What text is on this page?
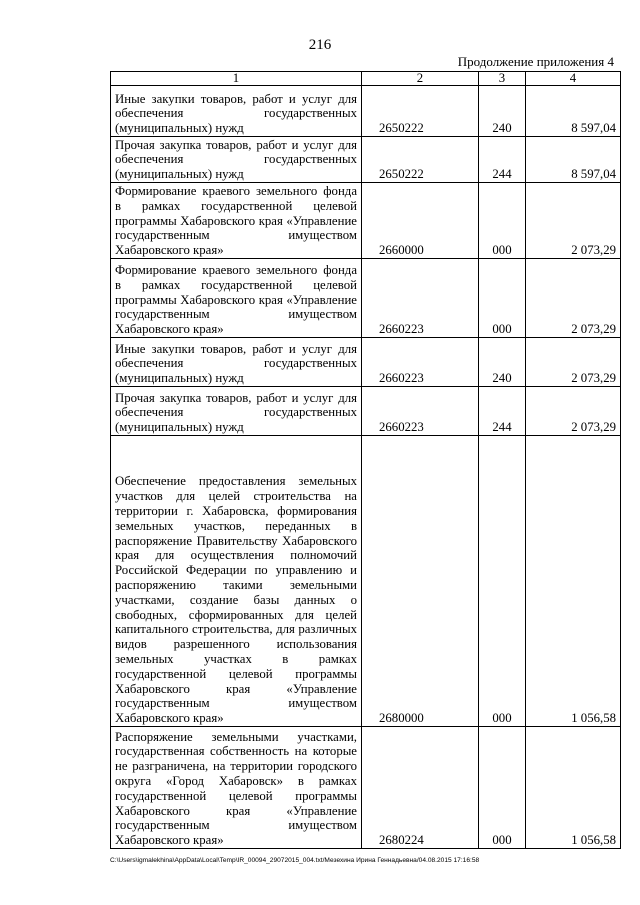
216
Продолжение приложения 4
1	2	3	4
Иные закупки товаров, работ и услуг для обеспечения государственных (муниципальных) нужд	2650222	240	8 597,04
Прочая закупка товаров, работ и услуг для обеспечения государственных (муниципальных) нужд	2650222	244	8 597,04
Формирование краевого земельного фонда в рамках государственной целевой программы Хабаровского края «Управление государственным имуществом Хабаровского края»	2660000	000	2 073,29
Формирование краевого земельного фонда в рамках государственной целевой программы Хабаровского края «Управление государственным имуществом Хабаровского края»	2660223	000	2 073,29
Иные закупки товаров, работ и услуг для обеспечения государственных (муниципальных) нужд	2660223	240	2 073,29
Прочая закупка товаров, работ и услуг для обеспечения государственных (муниципальных) нужд	2660223	244	2 073,29
Обеспечение предоставления земельных участков для целей строительства на территории г. Хабаровска, формирования земельных участков, переданных в распоряжение Правительству Хабаровского края для осуществления полномочий Российской Федерации по управлению и распоряжению такими земельными участками, создание базы данных о свободных, сформированных для целей капитального строительства, для различных видов разрешенного использования земельных участках в рамках государственной целевой программы Хабаровского края «Управление государственным имуществом Хабаровского края»	2680000	000	1 056,58
Распоряжение земельными участками, государственная собственность на которые не разграничена, на территории городского округа «Город Хабаровск» в рамках государственной целевой программы Хабаровского края «Управление государственным имуществом Хабаровского края»	2680224	000	1 056,58
C:\Users\igmalekhina\AppData\Local\Temp\IR_00094_29072015_004.txt/Мезехина Ирина Геннадьевна/04.08.2015 17:16:58
